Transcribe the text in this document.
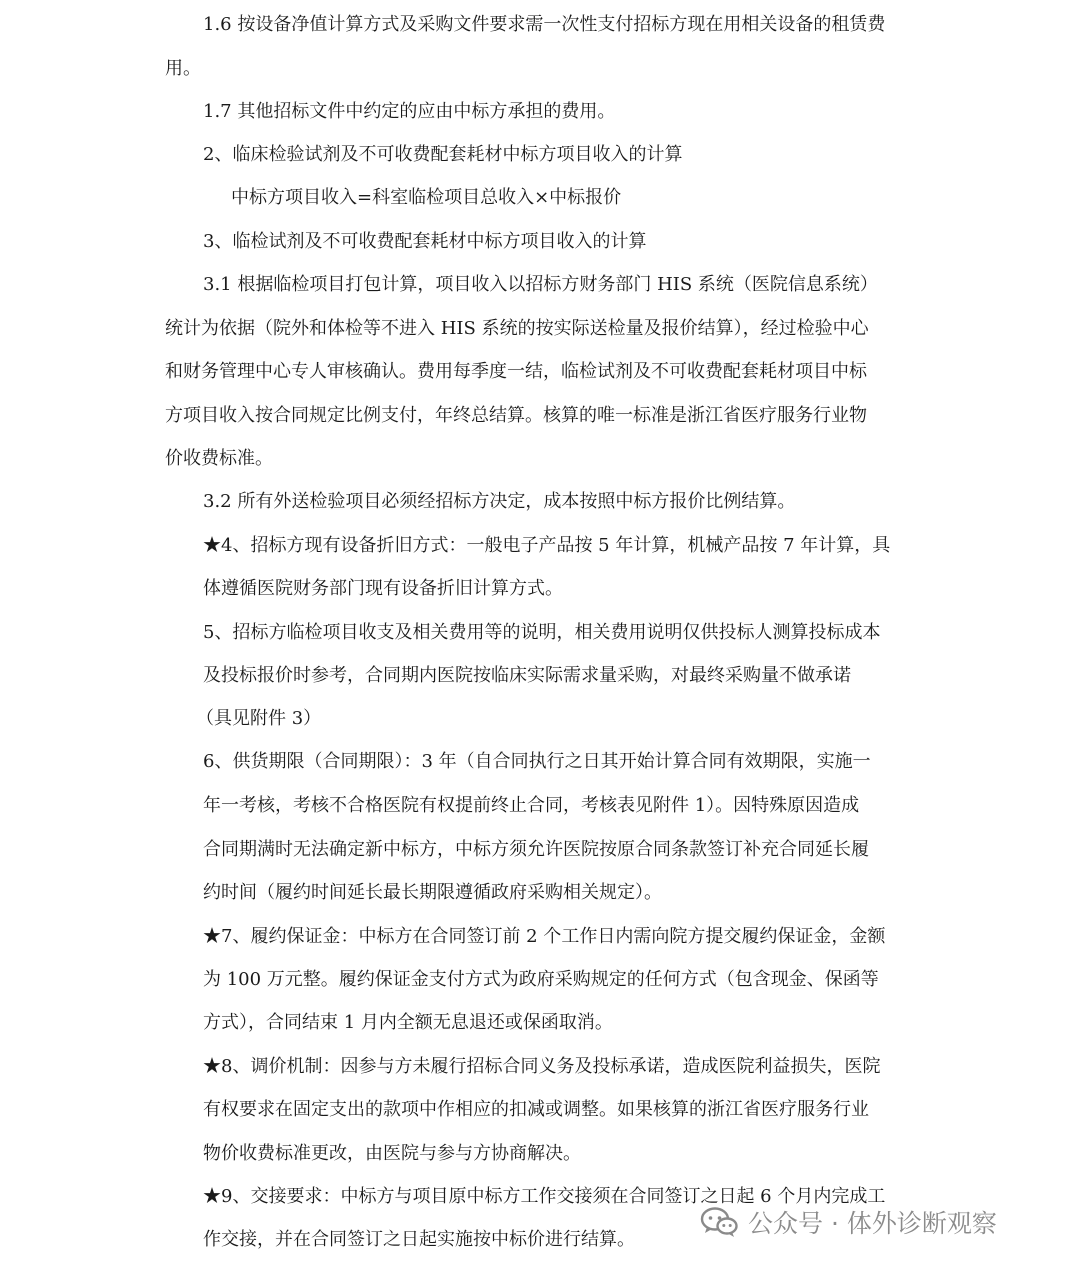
1.6 按设备净值计算方式及采购文件要求需一次性支付招标方现在用相关设备的租赁费
用。
1.7 其他招标文件中约定的应由中标方承担的费用。
2、临床检验试剂及不可收费配套耗材中标方项目收入的计算
中标方项目收入=科室临检项目总收入×中标报价
3、临检试剂及不可收费配套耗材中标方项目收入的计算
3.1 根据临检项目打包计算，项目收入以招标方财务部门 HIS 系统（医院信息系统）
统计为依据（院外和体检等不进入 HIS 系统的按实际送检量及报价结算），经过检验中心
和财务管理中心专人审核确认。费用每季度一结，临检试剂及不可收费配套耗材项目中标
方项目收入按合同规定比例支付，年终总结算。核算的唯一标准是浙江省医疗服务行业物
价收费标准。
3.2 所有外送检验项目必须经招标方决定，成本按照中标方报价比例结算。
★4、招标方现有设备折旧方式：一般电子产品按 5 年计算，机械产品按 7 年计算，具
体遵循医院财务部门现有设备折旧计算方式。
5、招标方临检项目收支及相关费用等的说明，相关费用说明仅供投标人测算投标成本
及投标报价时参考，合同期内医院按临床实际需求量采购，对最终采购量不做承诺
（具见附件 3）
6、供货期限（合同期限）：3 年（自合同执行之日其开始计算合同有效期限，实施一
年一考核，考核不合格医院有权提前终止合同，考核表见附件 1）。因特殊原因造成
合同期满时无法确定新中标方，中标方须允许医院按原合同条款签订补充合同延长履
约时间（履约时间延长最长期限遵循政府采购相关规定）。
★7、履约保证金：中标方在合同签订前 2 个工作日内需向院方提交履约保证金，金额
为 100 万元整。履约保证金支付方式为政府采购规定的任何方式（包含现金、保函等
方式），合同结束 1 月内全额无息退还或保函取消。
★8、调价机制：因参与方未履行招标合同义务及投标承诺，造成医院利益损失，医院
有权要求在固定支出的款项中作相应的扣减或调整。如果核算的浙江省医疗服务行业
物价收费标准更改，由医院与参与方协商解决。
★9、交接要求：中标方与项目原中标方工作交接须在合同签订之日起 6 个月内完成工
作交接，并在合同签订之日起实施按中标价进行结算。
公众号 · 体外诊断观察
